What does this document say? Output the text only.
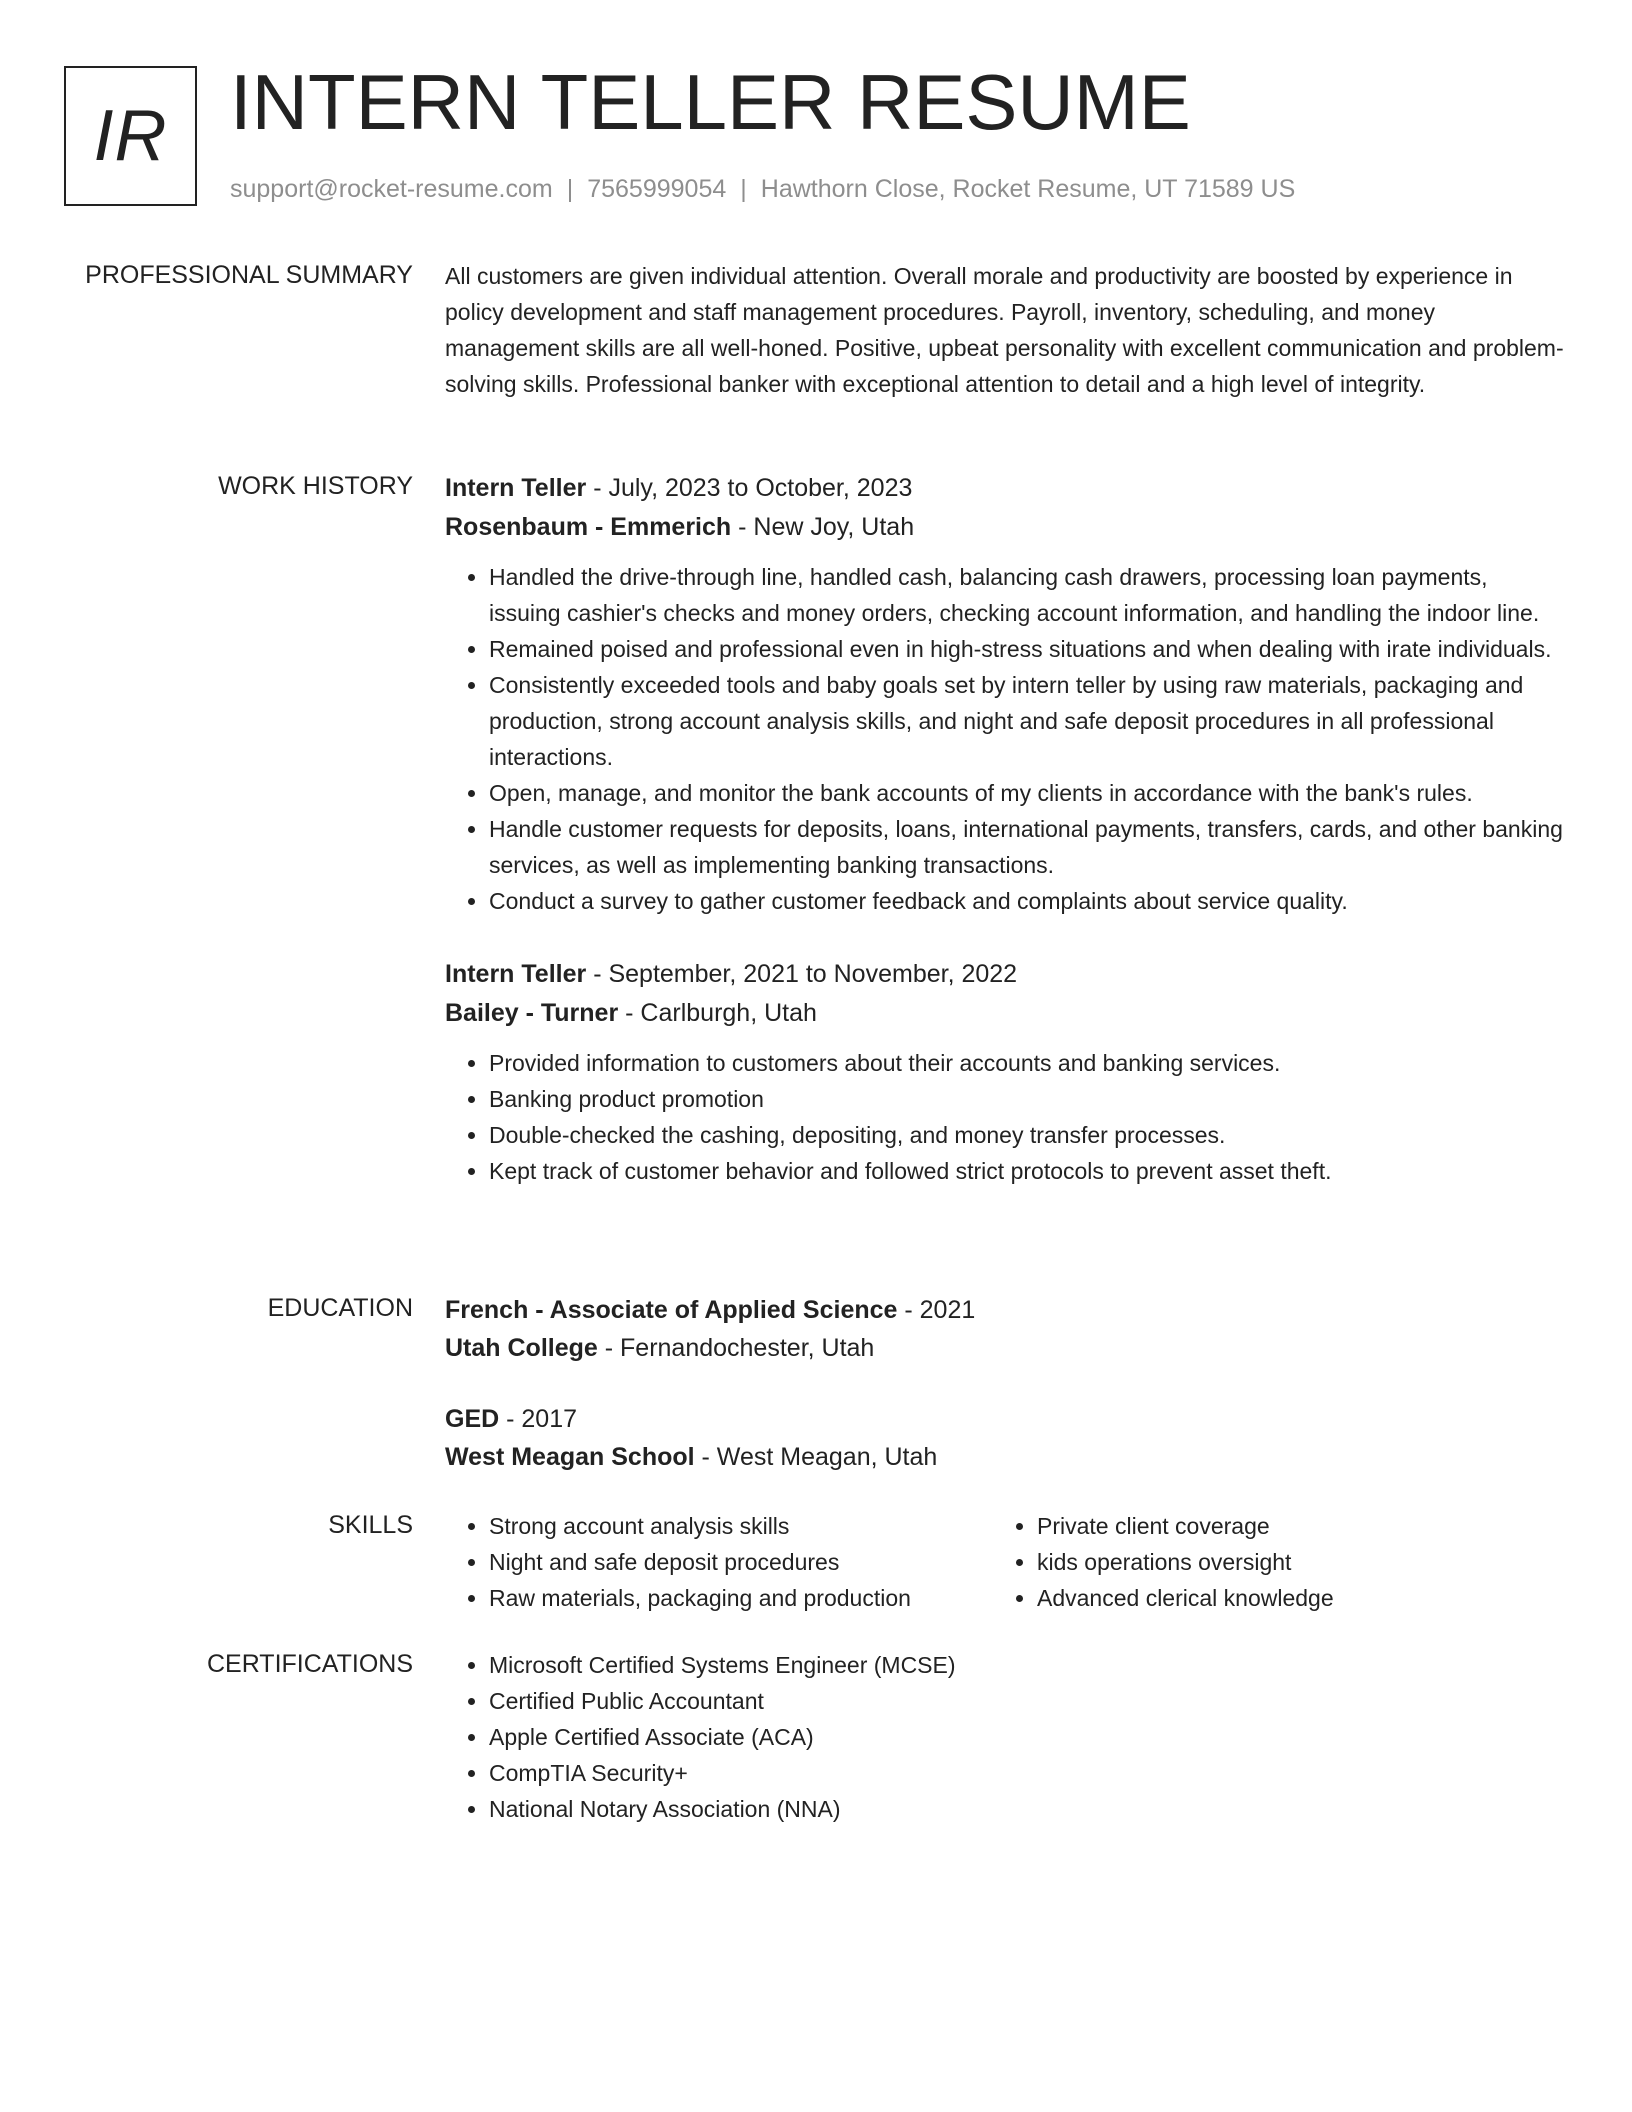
IR INTERN TELLER RESUME
support@rocket-resume.com | 7565999054 | Hawthorn Close, Rocket Resume, UT 71589 US
PROFESSIONAL SUMMARY All customers are given individual attention. Overall morale and productivity are boosted by experience in policy development and staff management procedures. Payroll, inventory, scheduling, and money management skills are all well-honed. Positive, upbeat personality with excellent communication and problem-solving skills. Professional banker with exceptional attention to detail and a high level of integrity.

WORK HISTORY Intern Teller - July, 2023 to October, 2023
Rosenbaum - Emmerich - New Joy, Utah
• Handled the drive-through line, handled cash, balancing cash drawers, processing loan payments, issuing cashier's checks and money orders, checking account information, and handling the indoor line.
• Remained poised and professional even in high-stress situations and when dealing with irate individuals.
• Consistently exceeded tools and baby goals set by intern teller by using raw materials, packaging and production, strong account analysis skills, and night and safe deposit procedures in all professional interactions.
• Open, manage, and monitor the bank accounts of my clients in accordance with the bank's rules.
• Handle customer requests for deposits, loans, international payments, transfers, cards, and other banking services, as well as implementing banking transactions.
• Conduct a survey to gather customer feedback and complaints about service quality.
Intern Teller - September, 2021 to November, 2022
Bailey - Turner - Carlburgh, Utah
• Provided information to customers about their accounts and banking services.
• Banking product promotion
• Double-checked the cashing, depositing, and money transfer processes.
• Kept track of customer behavior and followed strict protocols to prevent asset theft.
EDUCATION French - Associate of Applied Science - 2021
Utah College - Fernandochester, Utah
GED - 2017
West Meagan School - West Meagan, Utah
SKILLS	• Strong account analysis skills
• Night and safe deposit procedures
• Raw materials, packaging and production
• Private client coverage
• kids operations oversight
• Advanced clerical knowledge
CERTIFICATIONS	• Microsoft Certified Systems Engineer (MCSE)
• Certified Public Accountant
• Apple Certified Associate (ACA)
• CompTIA Security+
• National Notary Association (NNA)
